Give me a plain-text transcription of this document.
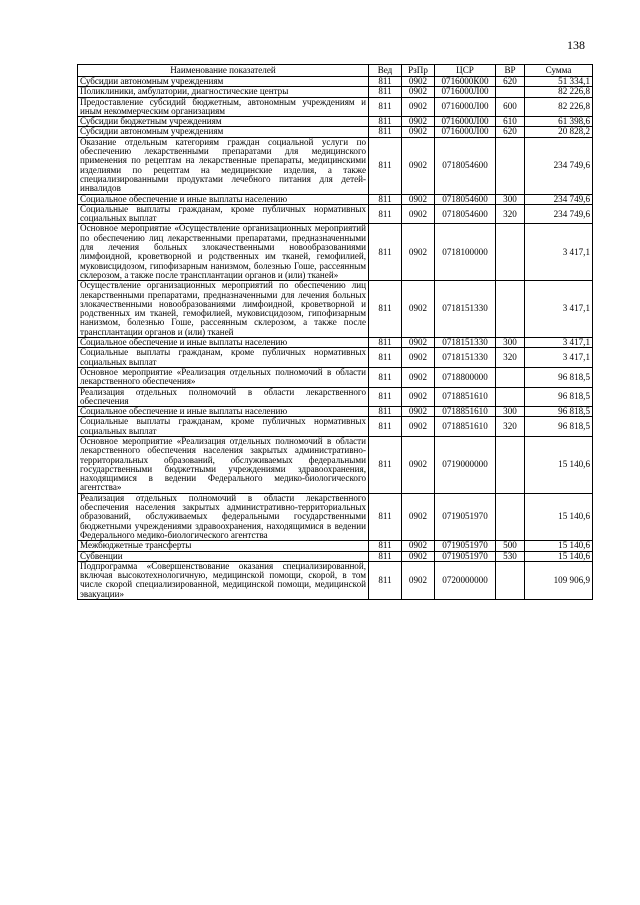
138
Наименование показателей	Вед	РзПр	ЦСР	ВР	Сумма
Субсидии автономным учреждениям	811	0902	0716000К00	620	51 334,1
Поликлиники, амбулатории, диагностические центры	811	0902	0716000Л00		82 226,8
Предоставление субсидий бюджетным, автономным учреждениям и иным некоммерческим организациям	811	0902	0716000Л00	600	82 226,8
Субсидии бюджетным учреждениям	811	0902	0716000Л00	610	61 398,6
Субсидии автономным учреждениям	811	0902	0716000Л00	620	20 828,2
Оказание отдельным категориям граждан социальной услуги по обеспечению лекарственными препаратами для медицинского применения по рецептам на лекарственные препараты, медицинскими изделиями по рецептам на медицинские изделия, а также специализированными продуктами лечебного питания для детей-инвалидов	811	0902	0718054600		234 749,6
Социальное обеспечение и иные выплаты населению	811	0902	0718054600	300	234 749,6
Социальные выплаты гражданам, кроме публичных нормативных социальных выплат	811	0902	0718054600	320	234 749,6
Основное мероприятие «Осуществление организационных мероприятий по обеспечению лиц лекарственными препаратами, предназначенными для лечения больных злокачественными новообразованиями лимфоидной, кроветворной и родственных им тканей, гемофилией, муковисцидозом, гипофизарным нанизмом, болезнью Гоше, рассеянным склерозом, а также после трансплантации органов и (или) тканей»	811	0902	0718100000		3 417,1
Осуществление организационных мероприятий по обеспечению лиц лекарственными препаратами, предназначенными для лечения больных злокачественными новообразованиями лимфоидной, кроветворной и родственных им тканей, гемофилией, муковисцидозом, гипофизарным нанизмом, болезнью Гоше, рассеянным склерозом, а также после трансплантации органов и (или) тканей	811	0902	0718151330		3 417,1
Социальное обеспечение и иные выплаты населению	811	0902	0718151330	300	3 417,1
Социальные выплаты гражданам, кроме публичных нормативных социальных выплат	811	0902	0718151330	320	3 417,1
Основное мероприятие «Реализация отдельных полномочий в области лекарственного обеспечения»	811	0902	0718800000		96 818,5
Реализация отдельных полномочий в области лекарственного обеспечения	811	0902	0718851610		96 818,5
Социальное обеспечение и иные выплаты населению	811	0902	0718851610	300	96 818,5
Социальные выплаты гражданам, кроме публичных нормативных социальных выплат	811	0902	0718851610	320	96 818,5
Основное мероприятие «Реализация отдельных полномочий в области лекарственного обеспечения населения закрытых административно-территориальных образований, обслуживаемых федеральными государственными бюджетными учреждениями здравоохранения, находящимися в ведении Федерального медико-биологического агентства»	811	0902	0719000000		15 140,6
Реализация отдельных полномочий в области лекарственного обеспечения населения закрытых административно-территориальных образований, обслуживаемых федеральными государственными бюджетными учреждениями здравоохранения, находящимися в ведении Федерального медико-биологического агентства	811	0902	0719051970		15 140,6
Межбюджетные трансферты	811	0902	0719051970	500	15 140,6
Субвенции	811	0902	0719051970	530	15 140,6
Подпрограмма «Совершенствование оказания специализированной, включая высокотехнологичную, медицинской помощи, скорой, в том числе скорой специализированной, медицинской помощи, медицинской эвакуации»	811	0902	0720000000		109 906,9
